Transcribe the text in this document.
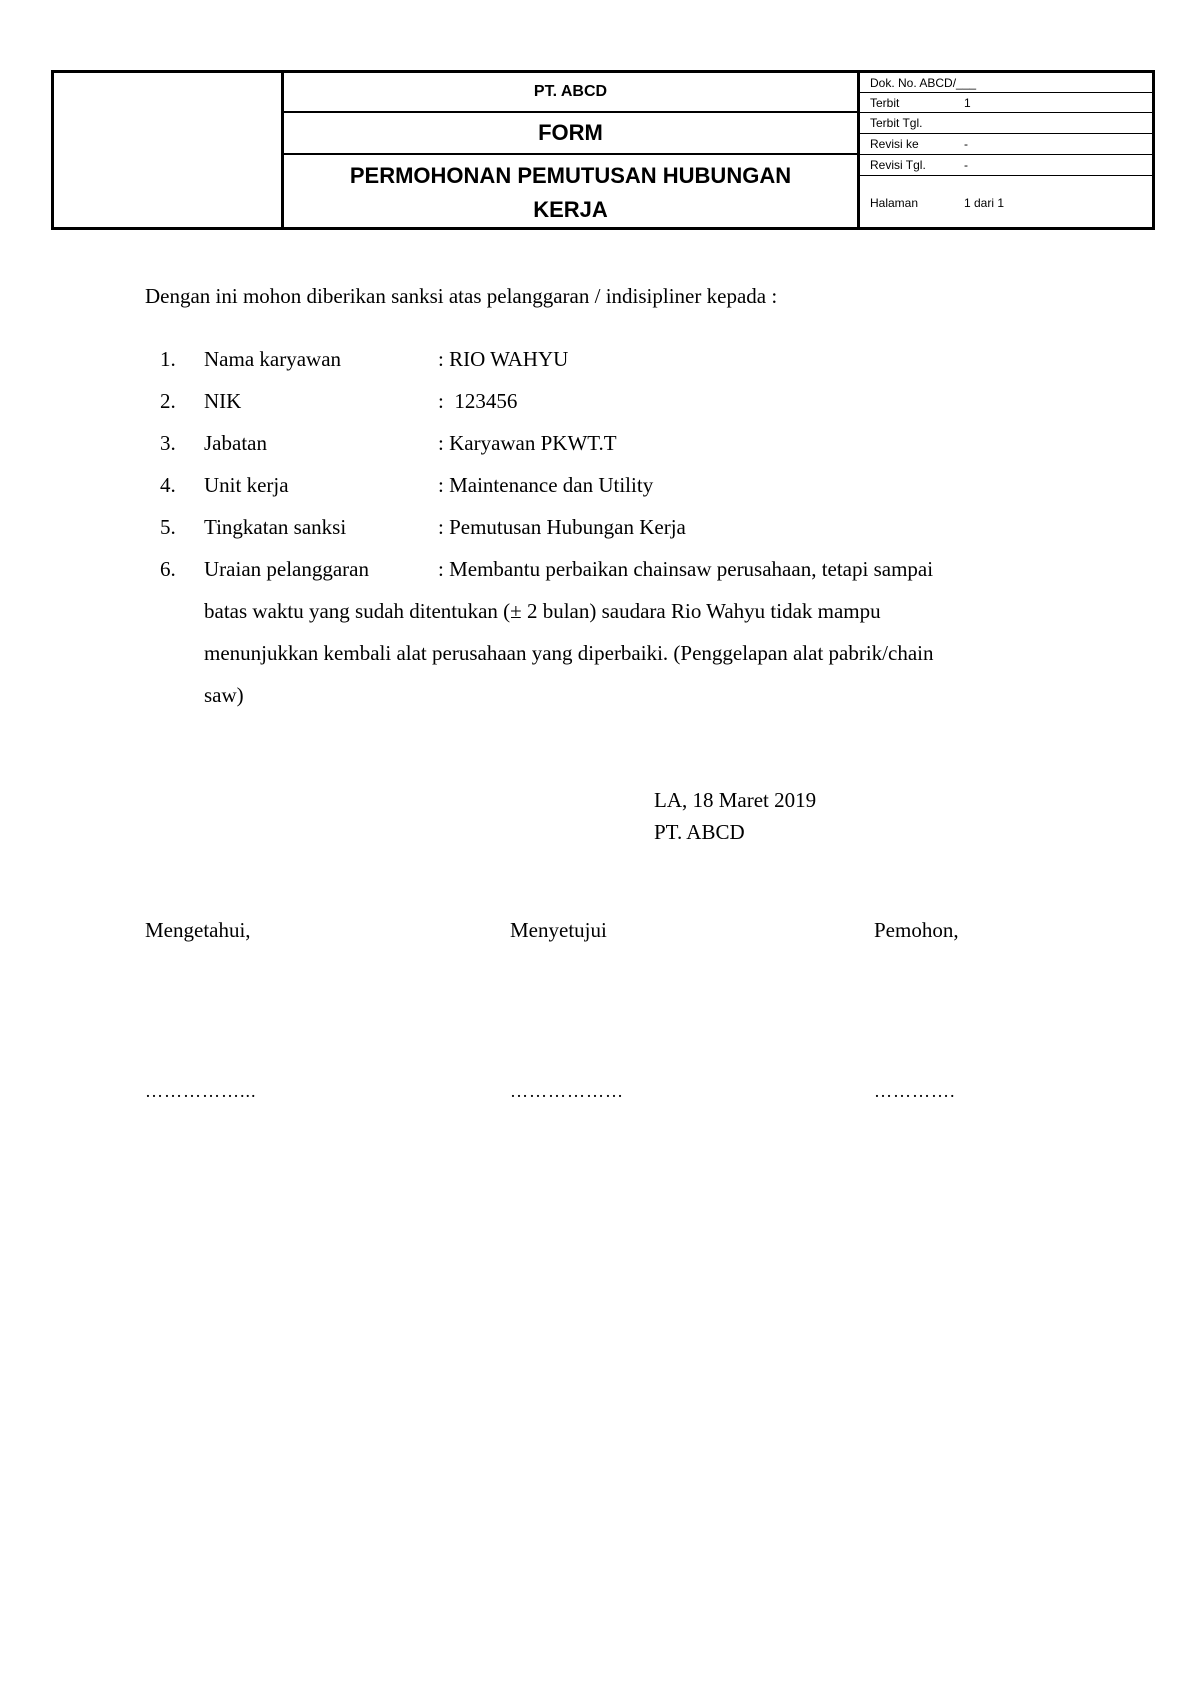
PT. ABCD
FORM
PERMOHONAN PEMUTUSAN HUBUNGAN
KERJA
Dok. No. ABCD/___
Terbit	1
Terbit Tgl.
Revisi ke	-
Revisi Tgl.	-
Halaman	1 dari 1
Dengan ini mohon diberikan sanksi atas pelanggaran / indisipliner kepada :
1.	Nama karyawan	: RIO WAHYU
2.	NIK	:  123456
3.	Jabatan	: Karyawan PKWT.T
4.	Unit kerja	: Maintenance dan Utility
5.	Tingkatan sanksi	: Pemutusan Hubungan Kerja
6.	Uraian pelanggaran	: Membantu perbaikan chainsaw perusahaan, tetapi sampai
batas waktu yang sudah ditentukan (± 2 bulan) saudara Rio Wahyu tidak mampu
menunjukkan kembali alat perusahaan yang diperbaiki. (Penggelapan alat pabrik/chain
saw)
LA, 18 Maret 2019
PT. ABCD
Mengetahui,	Menyetujui	Pemohon,
……………...	………………	………….
